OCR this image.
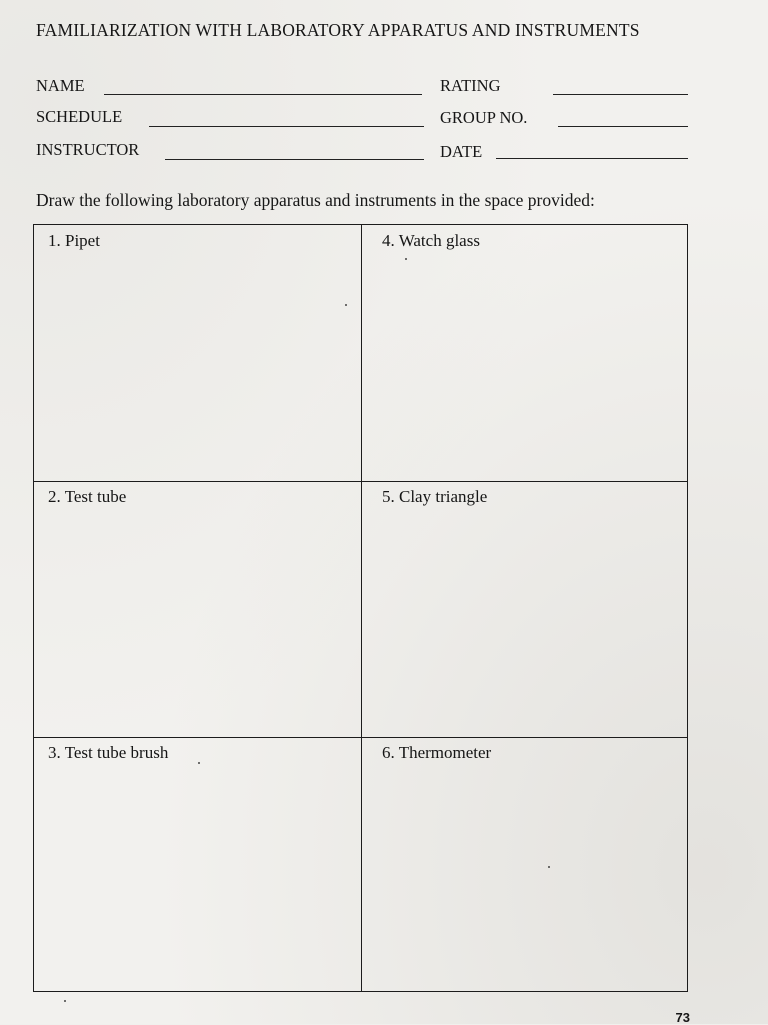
FAMILIARIZATION WITH LABORATORY APPARATUS AND INSTRUMENTS
NAME	RATING
SCHEDULE	GROUP NO.
INSTRUCTOR	DATE
Draw the following laboratory apparatus and instruments in the space provided:
1. Pipet
2. Test tube
3. Test tube brush
4. Watch glass
5. Clay triangle
6. Thermometer
73
